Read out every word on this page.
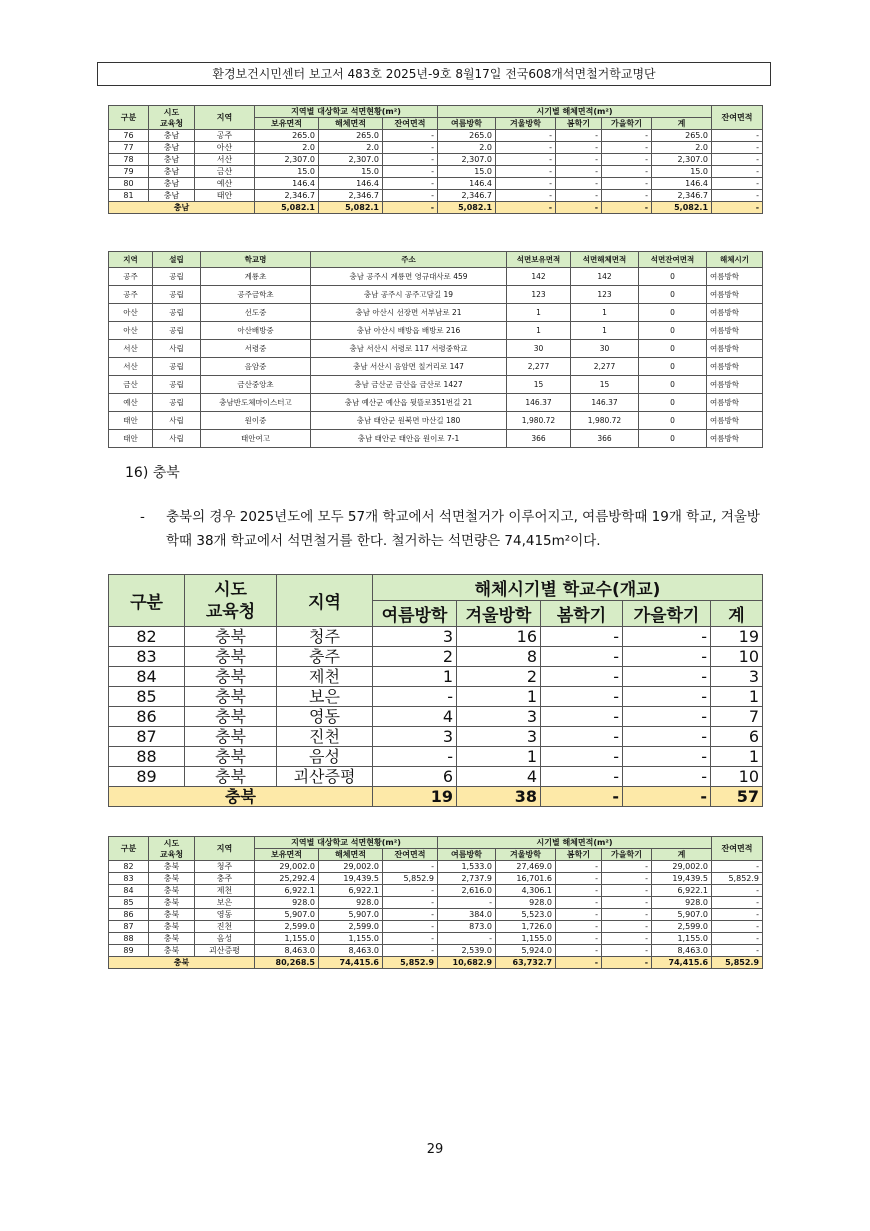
환경보건시민센터 보고서 483호 2025년-9호 8월17일 전국608개석면철거학교명단
구분	시도
교육청	지역	지역별 대상학교 석면현황(m²)			시기별 해체면적(m²)					잔여면적
			보유면적	해체면적	잔여면적	여름방학	겨울방학	봄학기	가을학기	계	
76	충남	공주	265.0	265.0	-	265.0	-	-	-	265.0	-
77	충남	아산	2.0	2.0	-	2.0	-	-	-	2.0	-
78	충남	서산	2,307.0	2,307.0	-	2,307.0	-	-	-	2,307.0	-
79	충남	금산	15.0	15.0	-	15.0	-	-	-	15.0	-
80	충남	예산	146.4	146.4	-	146.4	-	-	-	146.4	-
81	충남	태안	2,346.7	2,346.7	-	2,346.7	-	-	-	2,346.7	-
충남			5,082.1	5,082.1	-	5,082.1	-	-	-	5,082.1	-
지역	설립	학교명	주소	석면보유면적	석면해체면적	석면잔여면적	해체시기
공주	공립	계룡초	충남 공주시 계룡면 영규대사로 459	142	142	0	여름방학
공주	공립	공주금학초	충남 공주시 공주고담길 19	123	123	0	여름방학
아산	공립	선도중	충남 아산시 선장면 서부남로 21	1	1	0	여름방학
아산	공립	아산배방중	충남 아산시 배방읍 배방로 216	1	1	0	여름방학
서산	사립	서령중	충남 서산시 서령로 117 서령중학교	30	30	0	여름방학
서산	공립	음암중	충남 서산시 음암면 칠거리로 147	2,277	2,277	0	여름방학
금산	공립	금산중앙초	충남 금산군 금산읍 금산로 1427	15	15	0	여름방학
예산	공립	충남반도체마이스터고	충남 예산군 예산읍 뒷뜰로351번길 21	146.37	146.37	0	여름방학
태안	사립	원이중	충남 태안군 원북면 마산길 180	1,980.72	1,980.72	0	여름방학
태안	사립	태안여고	충남 태안군 태안읍 원이로 7-1	366	366	0	여름방학
16) 충북
- 충북의 경우 2025년도에 모두 57개 학교에서 석면철거가 이루어지고, 여름방학때 19개 학교, 겨울방학때 38개 학교에서 석면철거를 한다. 철거하는 석면량은 74,415m²이다.
구분	시도
교육청	지역	해체시기별 학교수(개교)				
			여름방학	겨울방학	봄학기	가을학기	계
82	충북	청주	3	16	-	-	19
83	충북	충주	2	8	-	-	10
84	충북	제천	1	2	-	-	3
85	충북	보은	-	1	-	-	1
86	충북	영동	4	3	-	-	7
87	충북	진천	3	3	-	-	6
88	충북	음성	-	1	-	-	1
89	충북	괴산증평	6	4	-	-	10
충북			19	38	-	-	57
구분	시도
교육청	지역	지역별 대상학교 석면현황(m²)			시기별 해체면적(m²)					잔여면적
			보유면적	해체면적	잔여면적	여름방학	겨울방학	봄학기	가을학기	계	
82	충북	청주	29,002.0	29,002.0	-	1,533.0	27,469.0	-	-	29,002.0	-
83	충북	충주	25,292.4	19,439.5	5,852.9	2,737.9	16,701.6	-	-	19,439.5	5,852.9
84	충북	제천	6,922.1	6,922.1	-	2,616.0	4,306.1	-	-	6,922.1	-
85	충북	보은	928.0	928.0	-	-	928.0	-	-	928.0	-
86	충북	영동	5,907.0	5,907.0	-	384.0	5,523.0	-	-	5,907.0	-
87	충북	진천	2,599.0	2,599.0	-	873.0	1,726.0	-	-	2,599.0	-
88	충북	음성	1,155.0	1,155.0	-	-	1,155.0	-	-	1,155.0	-
89	충북	괴산증평	8,463.0	8,463.0	-	2,539.0	5,924.0	-	-	8,463.0	-
충북			80,268.5	74,415.6	5,852.9	10,682.9	63,732.7	-	-	74,415.6	5,852.9
29
